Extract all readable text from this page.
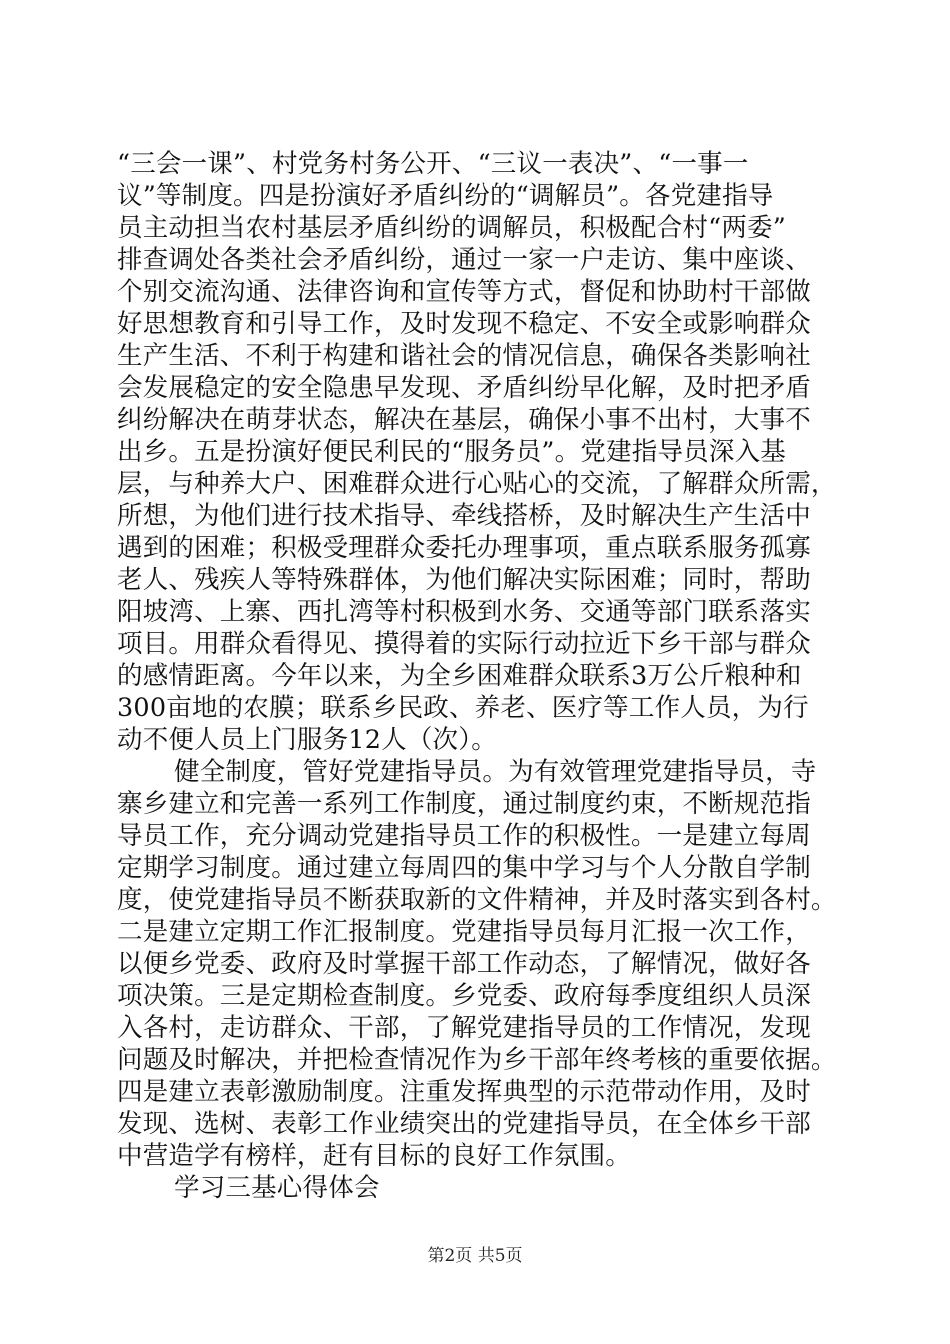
“三会一课”、村党务村务公开、“三议一表决”、“一事一
议”等制度。四是扮演好矛盾纠纷的“调解员”。各党建指导
员主动担当农村基层矛盾纠纷的调解员，积极配合村“两委”
排查调处各类社会矛盾纠纷，通过一家一户走访、集中座谈、
个别交流沟通、法律咨询和宣传等方式，督促和协助村干部做
好思想教育和引导工作，及时发现不稳定、不安全或影响群众
生产生活、不利于构建和谐社会的情况信息，确保各类影响社
会发展稳定的安全隐患早发现、矛盾纠纷早化解，及时把矛盾
纠纷解决在萌芽状态，解决在基层，确保小事不出村，大事不
出乡。五是扮演好便民利民的“服务员”。党建指导员深入基
层，与种养大户、困难群众进行心贴心的交流，了解群众所需，
所想，为他们进行技术指导、牵线搭桥，及时解决生产生活中
遇到的困难；积极受理群众委托办理事项，重点联系服务孤寡
老人、残疾人等特殊群体，为他们解决实际困难；同时，帮助
阳坡湾、上寨、西扎湾等村积极到水务、交通等部门联系落实
项目。用群众看得见、摸得着的实际行动拉近下乡干部与群众
的感情距离。今年以来，为全乡困难群众联系3万公斤粮种和
300亩地的农膜；联系乡民政、养老、医疗等工作人员，为行
动不便人员上门服务12人（次）。
健全制度，管好党建指导员。为有效管理党建指导员，寺
寨乡建立和完善一系列工作制度，通过制度约束，不断规范指
导员工作，充分调动党建指导员工作的积极性。一是建立每周
定期学习制度。通过建立每周四的集中学习与个人分散自学制
度，使党建指导员不断获取新的文件精神，并及时落实到各村。
二是建立定期工作汇报制度。党建指导员每月汇报一次工作，
以便乡党委、政府及时掌握干部工作动态，了解情况，做好各
项决策。三是定期检查制度。乡党委、政府每季度组织人员深
入各村，走访群众、干部，了解党建指导员的工作情况，发现
问题及时解决，并把检查情况作为乡干部年终考核的重要依据。
四是建立表彰激励制度。注重发挥典型的示范带动作用，及时
发现、选树、表彰工作业绩突出的党建指导员，在全体乡干部
中营造学有榜样，赶有目标的良好工作氛围。
学习三基心得体会
第2页 共5页
